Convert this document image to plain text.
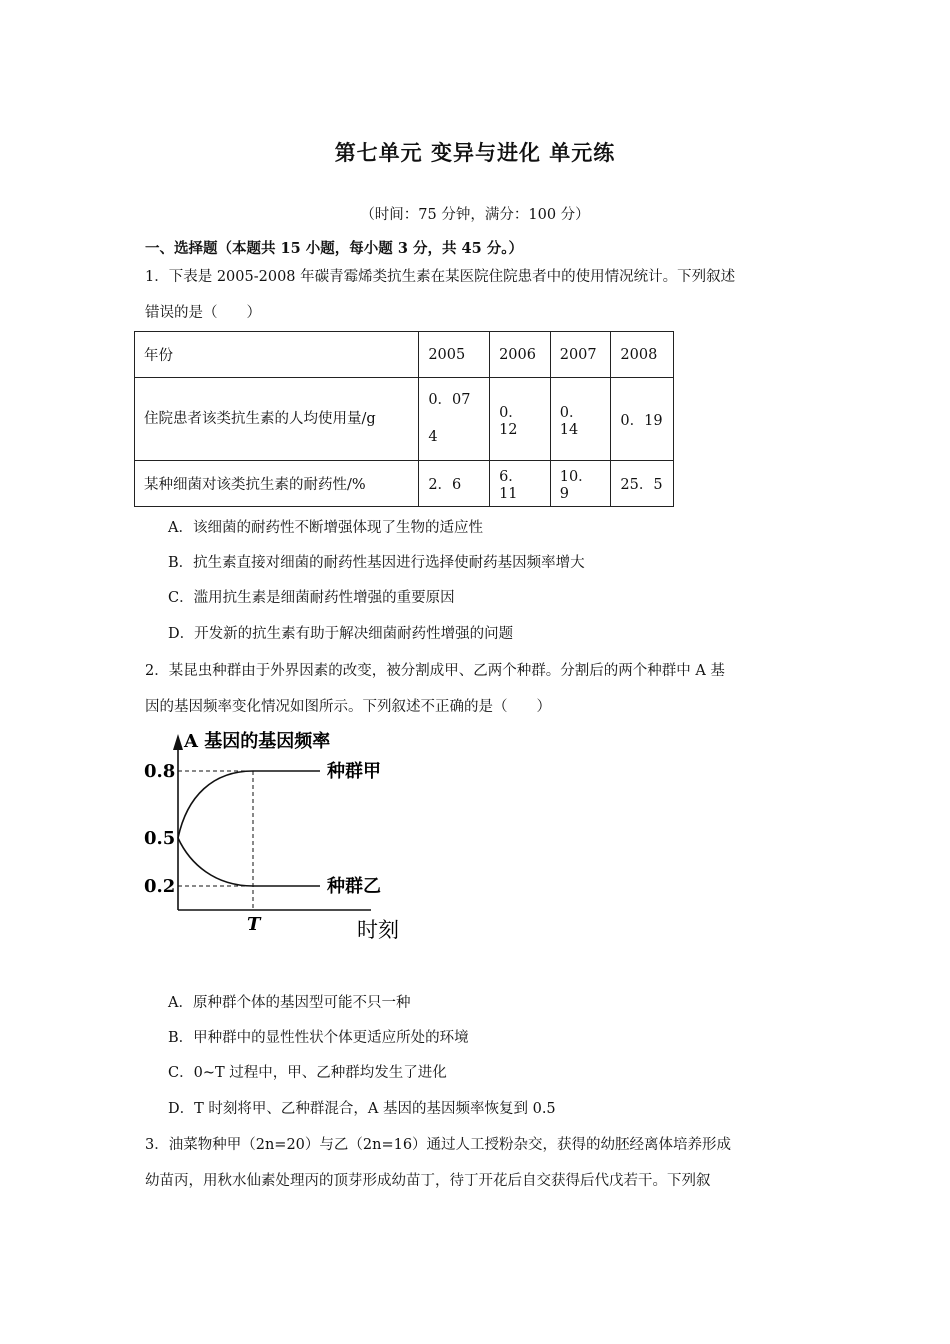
第七单元 变异与进化 单元练
（时间：75 分钟，满分：100 分）
一、选择题（本题共 15 小题，每小题 3 分，共 45 分。）
1．下表是 2005-2008 年碳青霉烯类抗生素在某医院住院患者中的使用情况统计。下列叙述
错误的是（　　）
年份	2005	2006	2007	2008

住院患者该类抗生素的人均使用量/g	0．074	0．12	0．14	0．19
某种细菌对该类抗生素的耐药性/%	2．6	6．11	10．9	25．5
A．该细菌的耐药性不断增强体现了生物的适应性
B．抗生素直接对细菌的耐药性基因进行选择使耐药基因频率增大
C．滥用抗生素是细菌耐药性增强的重要原因
D．开发新的抗生素有助于解决细菌耐药性增强的问题
2．某昆虫种群由于外界因素的改变，被分割成甲、乙两个种群。分割后的两个种群中 A 基
因的基因频率变化情况如图所示。下列叙述不正确的是（　　）
A 基因的基因频率
0.8
0.5
0.2
T
种群甲
种群乙
时刻
A．原种群个体的基因型可能不只一种
B．甲种群中的显性性状个体更适应所处的环境
C．0~T 过程中，甲、乙种群均发生了进化
D．T 时刻将甲、乙种群混合，A 基因的基因频率恢复到 0.5
3．油菜物种甲（2n=20）与乙（2n=16）通过人工授粉杂交，获得的幼胚经离体培养形成
幼苗丙，用秋水仙素处理丙的顶芽形成幼苗丁，待丁开花后自交获得后代戊若干。下列叙
